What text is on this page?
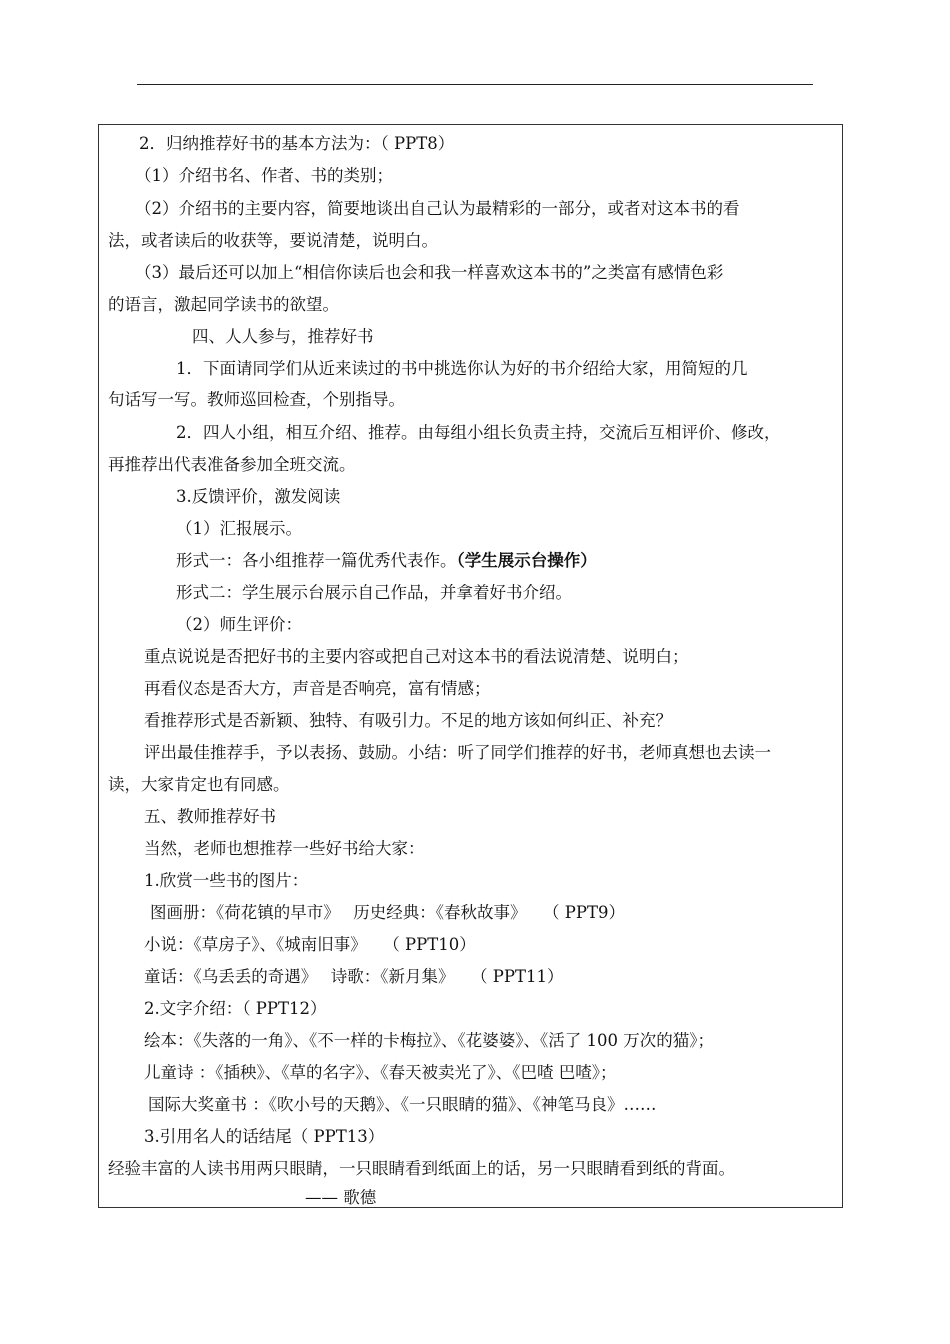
2．归纳推荐好书的基本方法为：（ PPT8）
（1）介绍书名、作者、书的类别；
（2）介绍书的主要内容，简要地谈出自己认为最精彩的一部分，或者对这本书的看
法，或者读后的收获等，要说清楚，说明白。
（3）最后还可以加上“相信你读后也会和我一样喜欢这本书的”之类富有感情色彩
的语言，激起同学读书的欲望。
四、人人参与，推荐好书
1．下面请同学们从近来读过的书中挑选你认为好的书介绍给大家，用简短的几
句话写一写。教师巡回检查，个别指导。
2．四人小组，相互介绍、推荐。由每组小组长负责主持，交流后互相评价、修改，
再推荐出代表准备参加全班交流。
3.反馈评价，激发阅读
（1）汇报展示。
形式一：各小组推荐一篇优秀代表作。（学生展示台操作）
形式二：学生展示台展示自己作品，并拿着好书介绍。
（2）师生评价：
重点说说是否把好书的主要内容或把自己对这本书的看法说清楚、说明白；
再看仪态是否大方，声音是否响亮，富有情感；
看推荐形式是否新颖、独特、有吸引力。不足的地方该如何纠正、补充？
评出最佳推荐手，予以表扬、鼓励。小结：听了同学们推荐的好书，老师真想也去读一
读，大家肯定也有同感。
五、教师推荐好书
当然，老师也想推荐一些好书给大家：
1.欣赏一些书的图片：
图画册：《荷花镇的早市》　 历史经典：《春秋故事》　　（ PPT9）
小说：《草房子》、《城南旧事》　　（ PPT10）
童话：《乌丢丢的奇遇》　 诗歌：《新月集》　　（ PPT11）
2.文字介绍：（ PPT12）
绘本：《失落的一角》、《不一样的卡梅拉》、《花婆婆》、《活了 100 万次的猫》；
儿童诗 ：《插秧》、《草的名字》、《春天被卖光了》、《巴喳 巴喳》；
国际大奖童书 ：《吹小号的天鹅》、《一只眼睛的猫》、《神笔马良》……
3.引用名人的话结尾（ PPT13）
经验丰富的人读书用两只眼睛，一只眼睛看到纸面上的话，另一只眼睛看到纸的背面。
—— 歌德
